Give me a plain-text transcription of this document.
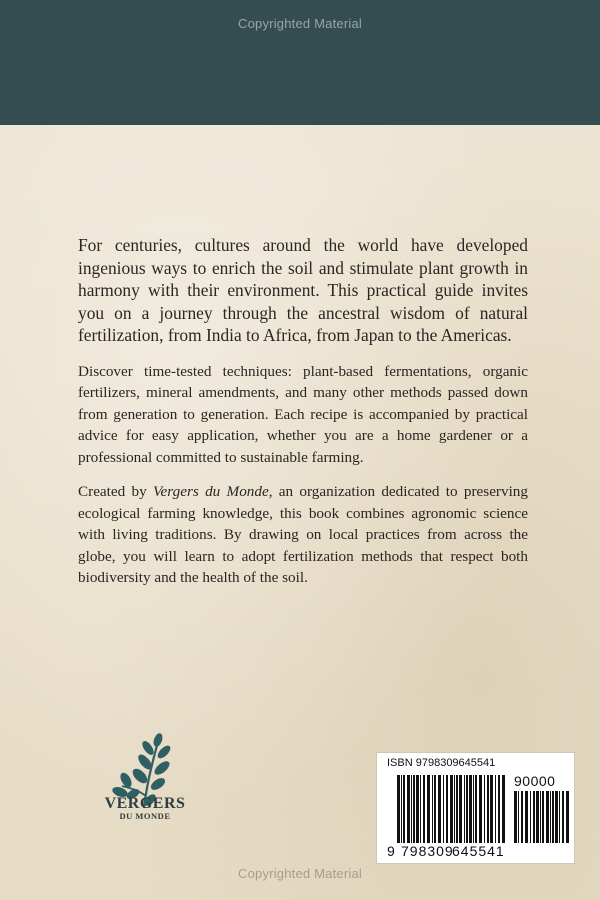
Copyrighted Material

For centuries, cultures around the world have developed ingenious ways to enrich the soil and stimulate plant growth in harmony with their environment. This practical guide invites you on a journey through the ancestral wisdom of natural fertilization, from India to Africa, from Japan to the Americas.

Discover time-tested techniques: plant-based fermentations, organic fertilizers, mineral amendments, and many other methods passed down from generation to generation. Each recipe is accompanied by practical advice for easy application, whether you are a home gardener or a professional committed to sustainable farming.

Created by Vergers du Monde, an organization dedicated to preserving ecological farming knowledge, this book combines agronomic science with living traditions. By drawing on local practices from across the globe, you will learn to adopt fertilization methods that respect both biodiversity and the health of the soil.

VERGERS
DU MONDE
ISBN 9798309645541
90000
9 798309
645541
Copyrighted Material
